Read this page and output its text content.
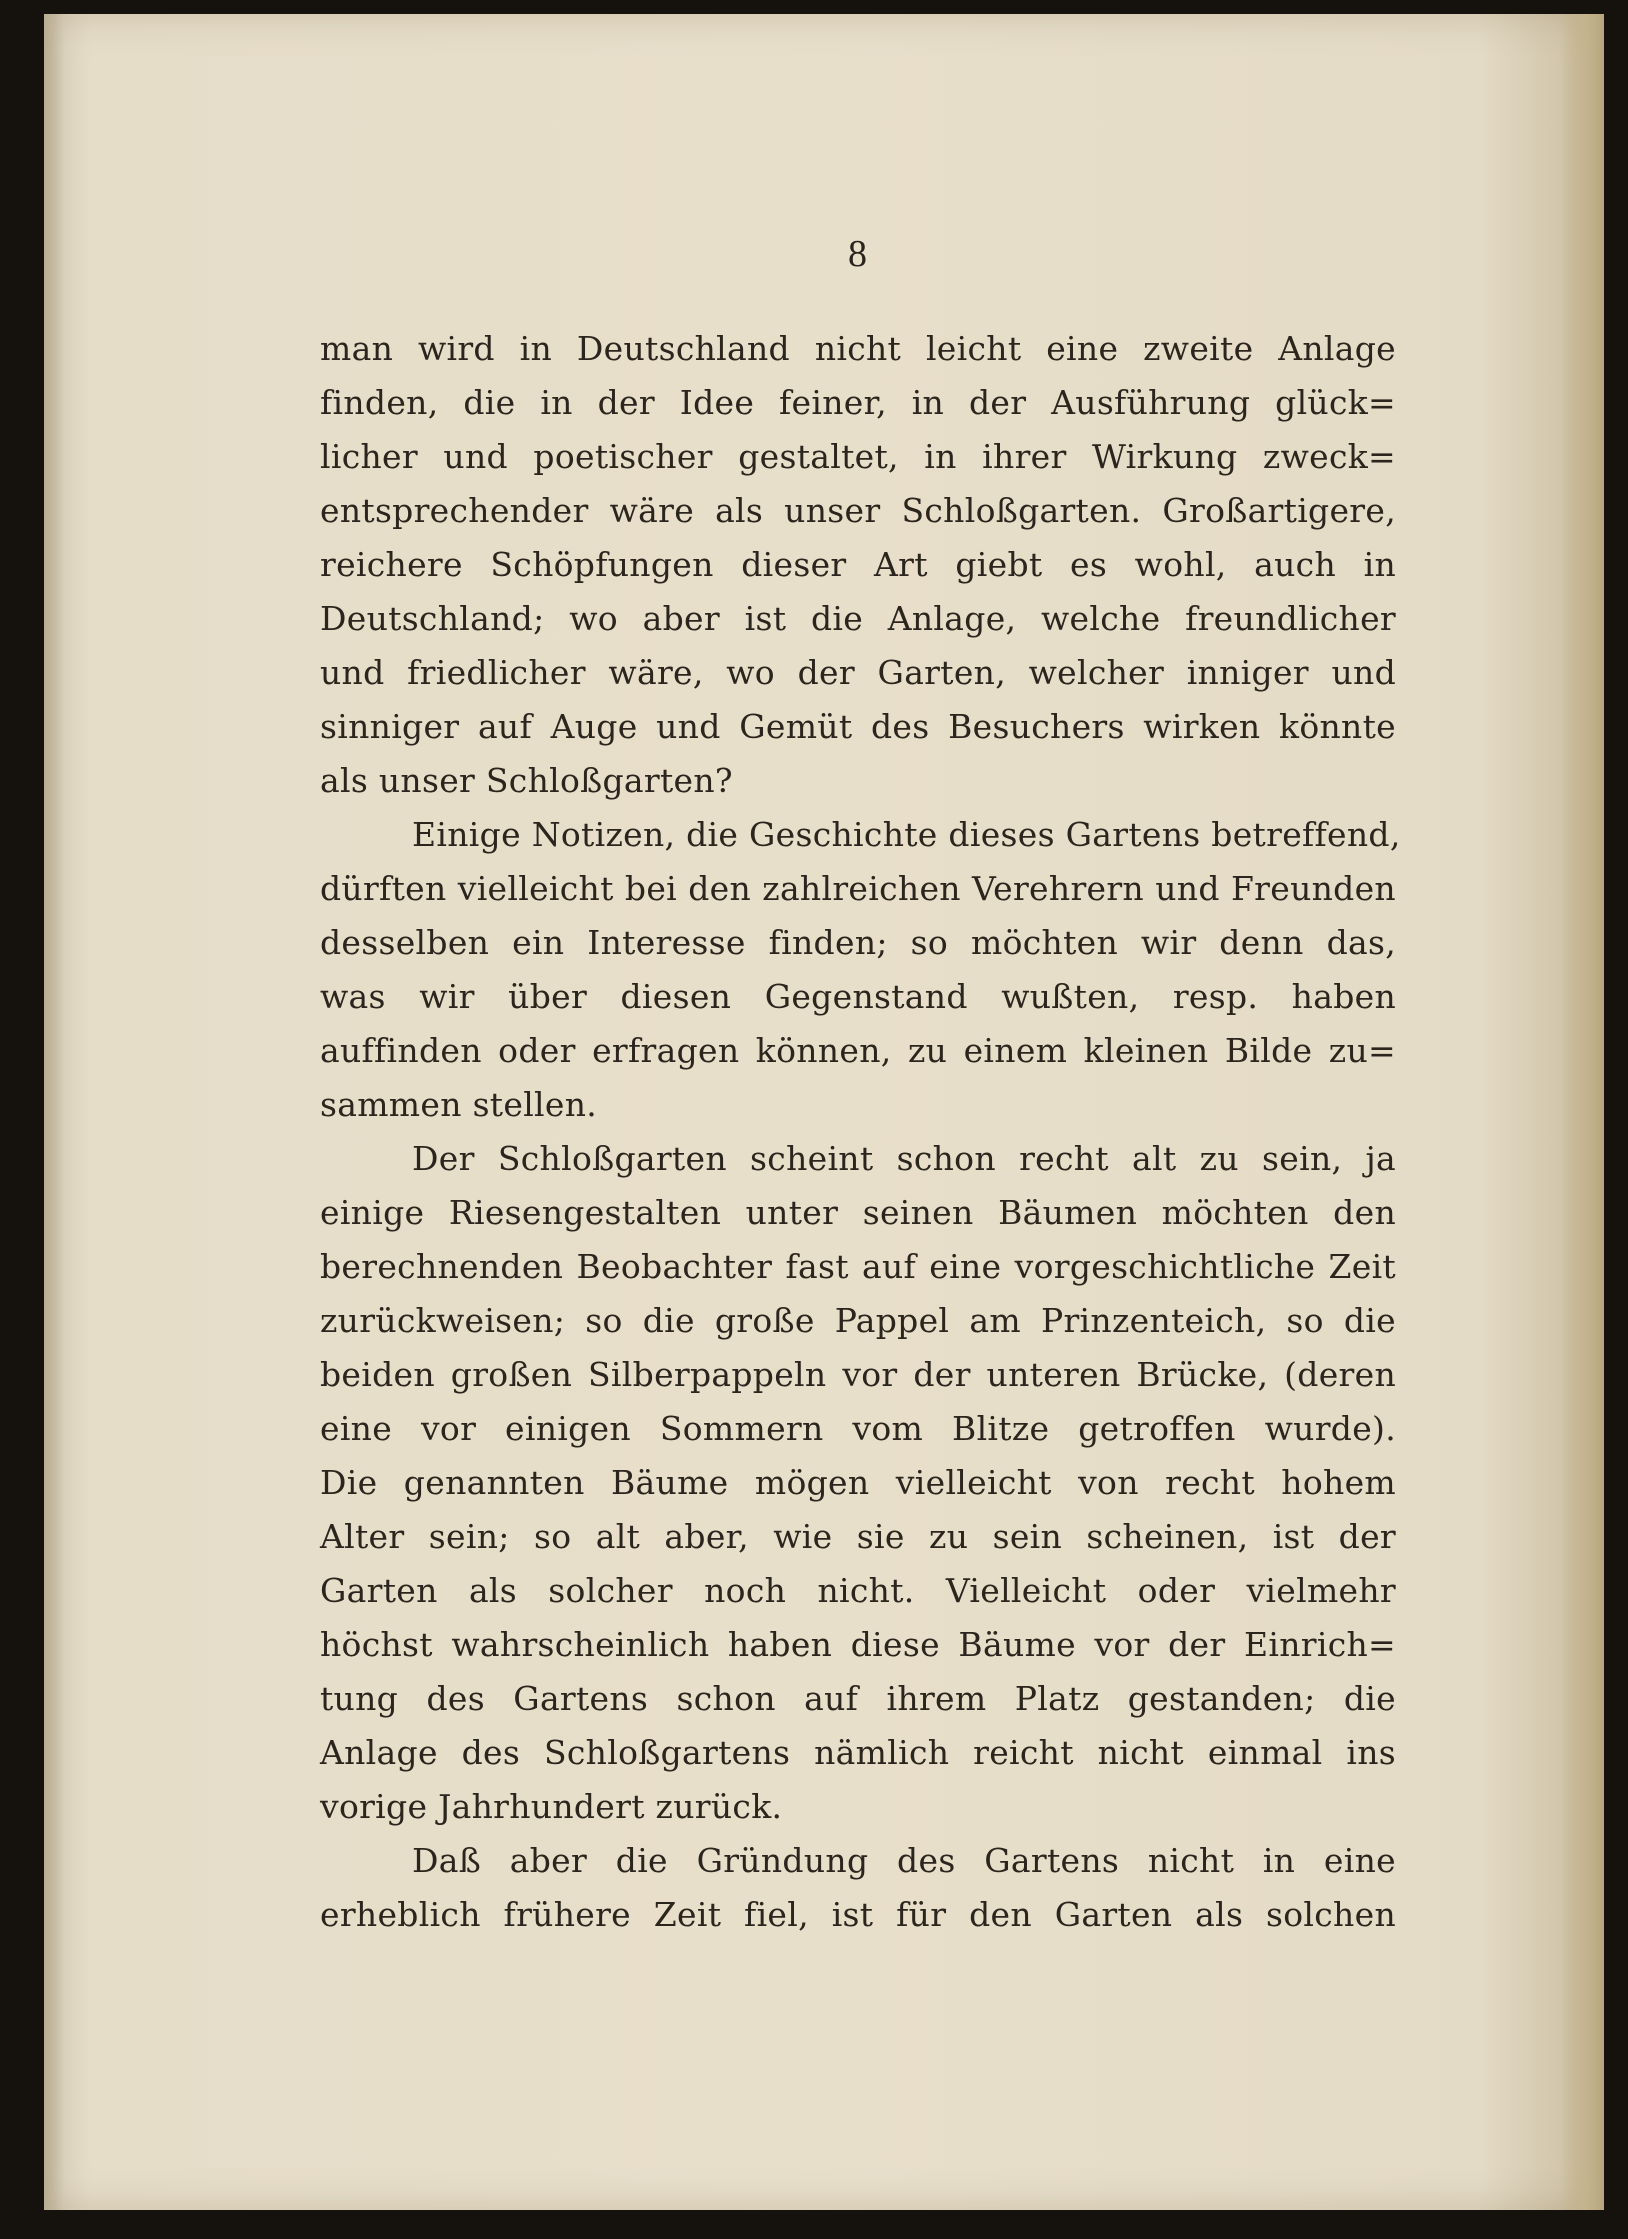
8
man wird in Deutschland nicht leicht eine zweite Anlage
finden, die in der Idee feiner, in der Ausführung glück=
licher und poetischer gestaltet, in ihrer Wirkung zweck=
entsprechender wäre als unser Schloßgarten. Großartigere,
reichere Schöpfungen dieser Art giebt es wohl, auch in
Deutschland; wo aber ist die Anlage, welche freundlicher
und friedlicher wäre, wo der Garten, welcher inniger und
sinniger auf Auge und Gemüt des Besuchers wirken könnte
als unser Schloßgarten?
Einige Notizen, die Geschichte dieses Gartens betreffend,
dürften vielleicht bei den zahlreichen Verehrern und Freunden
desselben ein Interesse finden; so möchten wir denn das,
was wir über diesen Gegenstand wußten, resp. haben
auffinden oder erfragen können, zu einem kleinen Bilde zu=
sammen stellen.
Der Schloßgarten scheint schon recht alt zu sein, ja
einige Riesengestalten unter seinen Bäumen möchten den
berechnenden Beobachter fast auf eine vorgeschichtliche Zeit
zurückweisen; so die große Pappel am Prinzenteich, so die
beiden großen Silberpappeln vor der unteren Brücke, (deren
eine vor einigen Sommern vom Blitze getroffen wurde).
Die genannten Bäume mögen vielleicht von recht hohem
Alter sein; so alt aber, wie sie zu sein scheinen, ist der
Garten als solcher noch nicht. Vielleicht oder vielmehr
höchst wahrscheinlich haben diese Bäume vor der Einrich=
tung des Gartens schon auf ihrem Platz gestanden; die
Anlage des Schloßgartens nämlich reicht nicht einmal ins
vorige Jahrhundert zurück.
Daß aber die Gründung des Gartens nicht in eine
erheblich frühere Zeit fiel, ist für den Garten als solchen
